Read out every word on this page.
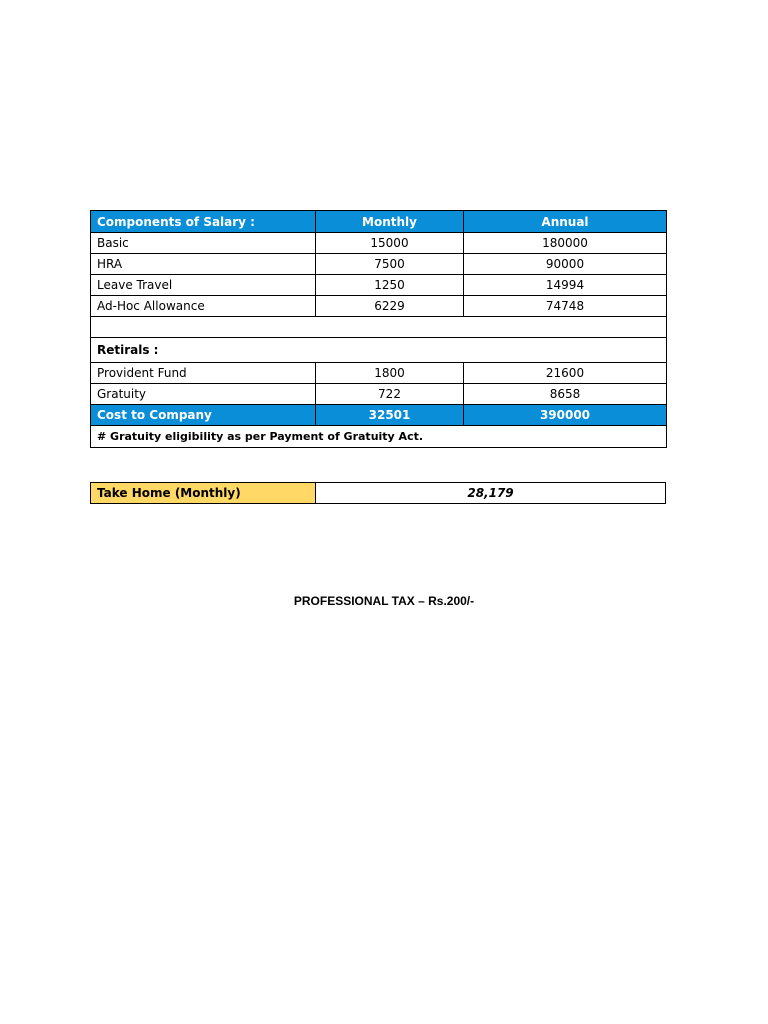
Components of Salary :	Monthly	Annual
Basic	15000	180000
HRA	7500	90000
Leave Travel	1250	14994
Ad-Hoc Allowance	6229	74748

Retirals :		
Provident Fund	1800	21600
Gratuity	722	8658
Cost to Company	32501	390000
# Gratuity eligibility as per Payment of Gratuity Act.		
Take Home (Monthly)	28,179
PROFESSIONAL TAX – Rs.200/-
